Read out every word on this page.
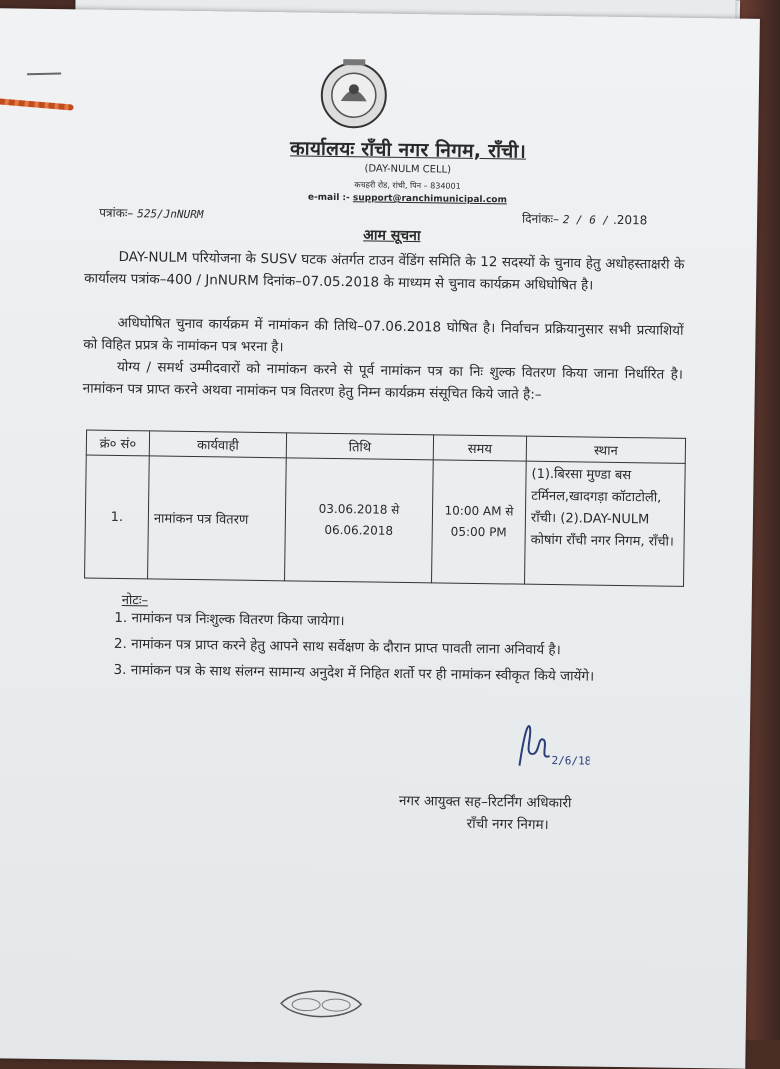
कार्यालयः राँची नगर निगम, राँची।
(DAY-NULM CELL)
कचहरी रोड, रांची, पिन – 834001
e-mail :- support@ranchimunicipal.com
पत्रांकः– 525/JnNURM	दिनांकः– 2 / 6 / .2018
आम सूचना
DAY-NULM परियोजना के SUSV घटक अंतर्गत टाउन वेंडिंग समिति के 12 सदस्यों के चुनाव हेतु अधोहस्ताक्षरी के कार्यालय पत्रांक–400 / JnNURM दिनांक–07.05.2018 के माध्यम से चुनाव कार्यक्रम अधिघोषित है।
अधिघोषित चुनाव कार्यक्रम में नामांकन की तिथि–07.06.2018 घोषित है। निर्वाचन प्रक्रियानुसार सभी प्रत्याशियों को विहित प्रप्रत्र के नामांकन पत्र भरना है।
योग्य / समर्थ उम्मीदवारों को नामांकन करने से पूर्व नामांकन पत्र का निः शुल्क वितरण किया जाना निर्धारित है। नामांकन पत्र प्राप्त करने अथवा नामांकन पत्र वितरण हेतु निम्न कार्यक्रम संसूचित किये जाते है:–
क्रं० सं०	कार्यवाही	तिथि	समय	स्थान
1.	नामांकन पत्र वितरण	03.06.2018 से 06.06.2018	10:00 AM से 05:00 PM	(1).बिरसा मुण्डा बस टर्मिनल,खादगड़ा कॉटाटोली, राँची। (2).DAY-NULM कोषांग राँची नगर निगम, राँची।
नोटः–
1. नामांकन पत्र निःशुल्क वितरण किया जायेगा।
2. नामांकन पत्र प्राप्त करने हेतु आपने साथ सर्वेक्षण के दौरान प्राप्त पावती लाना अनिवार्य है।
3. नामांकन पत्र के साथ संलग्न सामान्य अनुदेश में निहित शर्तो पर ही नामांकन स्वीकृत किये जायेंगे।
2/6/18
नगर आयुक्त सह–रिटर्निंग अधिकारी
राँची नगर निगम।
